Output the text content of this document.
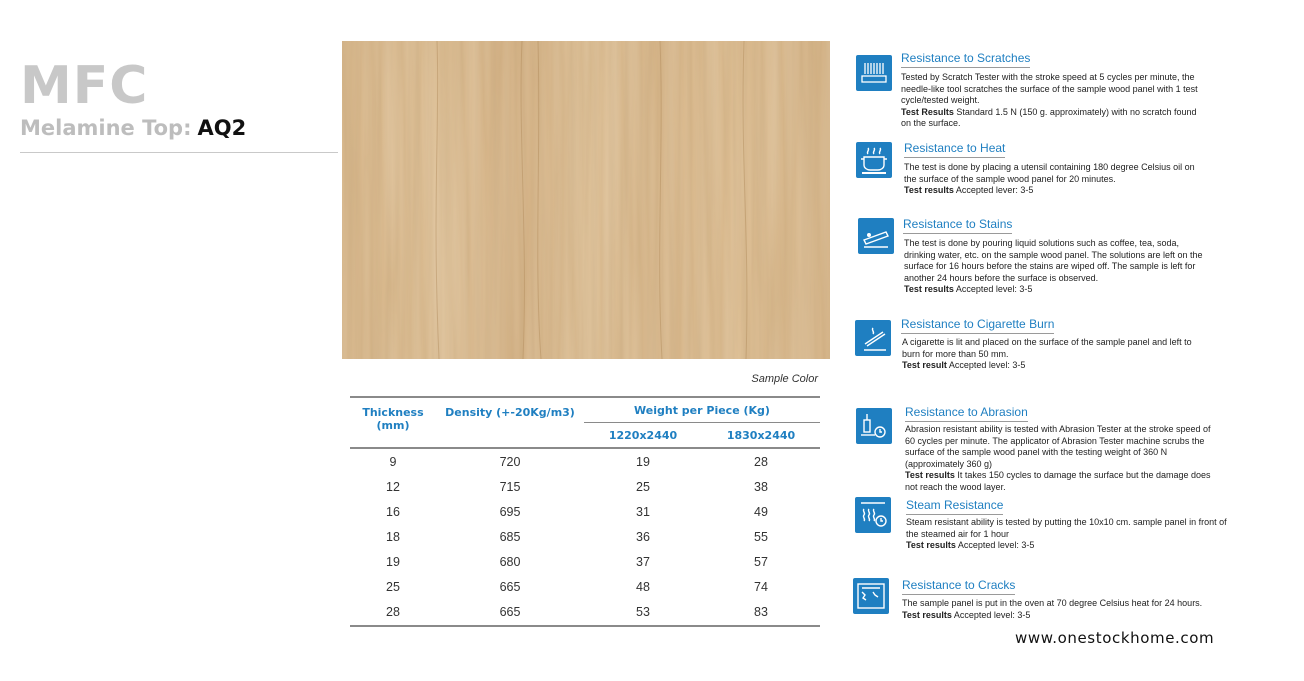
MFC
Melamine Top: AQ2
Sample Color
Thickness (mm)	Density (+-20Kg/m3)	Weight per Piece (Kg)	
		1220x2440	1830x2440
9	720	19	28
12	715	25	38
16	695	31	49
18	685	36	55
19	680	37	57
25	665	48	74
28	665	53	83
Resistance to Scratches
Tested by Scratch Tester with the stroke speed at 5 cycles per minute, the needle-like tool scratches the surface of the sample wood panel with 1 test cycle/tested weight.
Test Results Standard 1.5 N (150 g. approximately) with no scratch found on the surface.
Resistance to Heat
The test is done by placing a utensil containing 180 degree Celsius oil on the surface of the sample wood panel for 20 minutes.
Test results Accepted lever: 3-5
Resistance to Stains
The test is done by pouring liquid solutions such as coffee, tea, soda, drinking water, etc. on the sample wood panel. The solutions are left on the surface for 16 hours before the stains are wiped off. The sample is left for another 24 hours before the surface is observed.
Test results Accepted level: 3-5
Resistance to Cigarette Burn
A cigarette is lit and placed on the surface of the sample panel and left to burn for more than 50 mm.
Test result Accepted level: 3-5
Resistance to Abrasion
Abrasion resistant ability is tested with Abrasion Tester at the stroke speed of 60 cycles per minute. The applicator of Abrasion Tester machine scrubs the surface of the sample wood panel with the testing weight of 360 N (approximately 360 g)
Test results It takes 150 cycles to damage the surface but the damage does not reach the wood layer.
Steam Resistance
Steam resistant ability is tested by putting the 10x10 cm. sample panel in front of the steamed air for 1 hour
Test results Accepted level: 3-5
Resistance to Cracks
The sample panel is put in the oven at 70 degree Celsius heat for 24 hours.
Test results Accepted level: 3-5
www.onestockhome.com
